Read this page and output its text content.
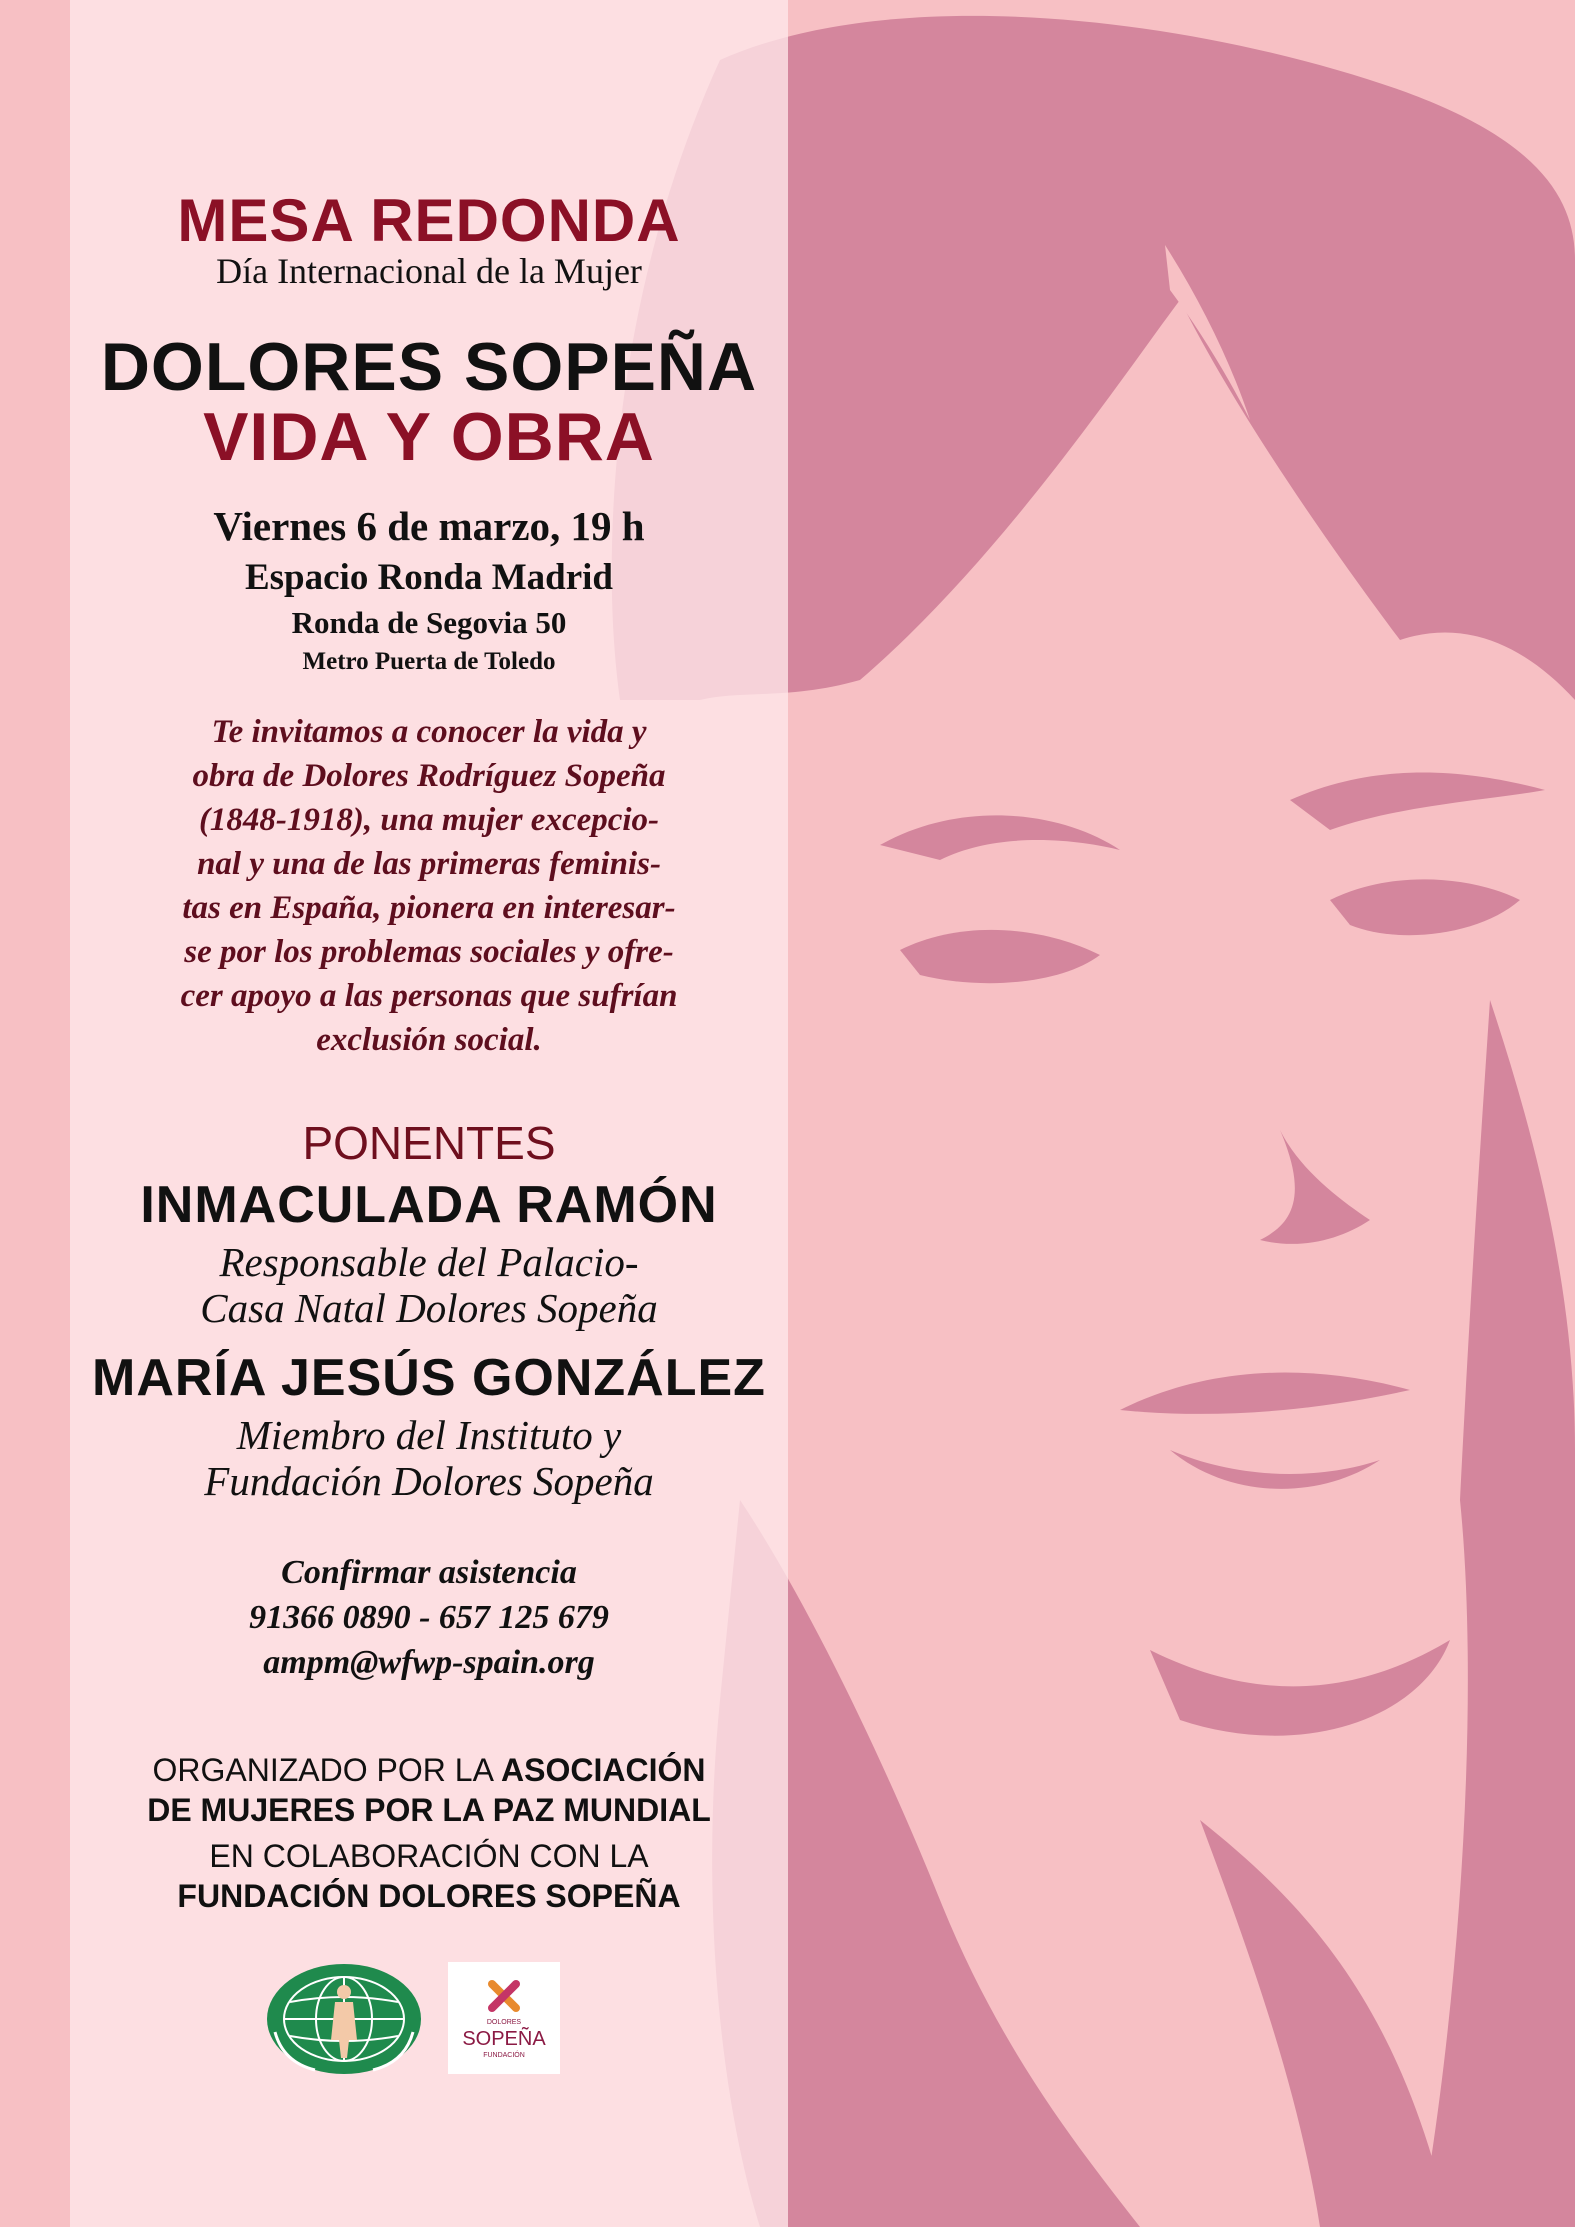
MESA REDONDA
Día Internacional de la Mujer
DOLORES SOPEÑA
VIDA Y OBRA
Viernes 6 de marzo, 19 h
Espacio Ronda Madrid
Ronda de Segovia 50
Metro Puerta de Toledo
Te invitamos a conocer la vida y
obra de Dolores Rodríguez Sopeña
(1848-1918), una mujer excepcio-
nal y una de las primeras feminis-
tas en España, pionera en interesar-
se por los problemas sociales y ofre-
cer apoyo a las personas que sufrían
exclusión social.
PONENTES
INMACULADA RAMÓN
Responsable del Palacio-
Casa Natal Dolores Sopeña
MARÍA JESÚS GONZÁLEZ
Miembro del Instituto y
Fundación Dolores Sopeña
Confirmar asistencia
91366 0890 - 657 125 679
ampm@wfwp-spain.org
ORGANIZADO POR LA ASOCIACIÓN
DE MUJERES POR LA PAZ MUNDIAL
EN COLABORACIÓN CON LA
FUNDACIÓN DOLORES SOPEÑA
DOLORES
SOPEÑA
FUNDACIÓN
